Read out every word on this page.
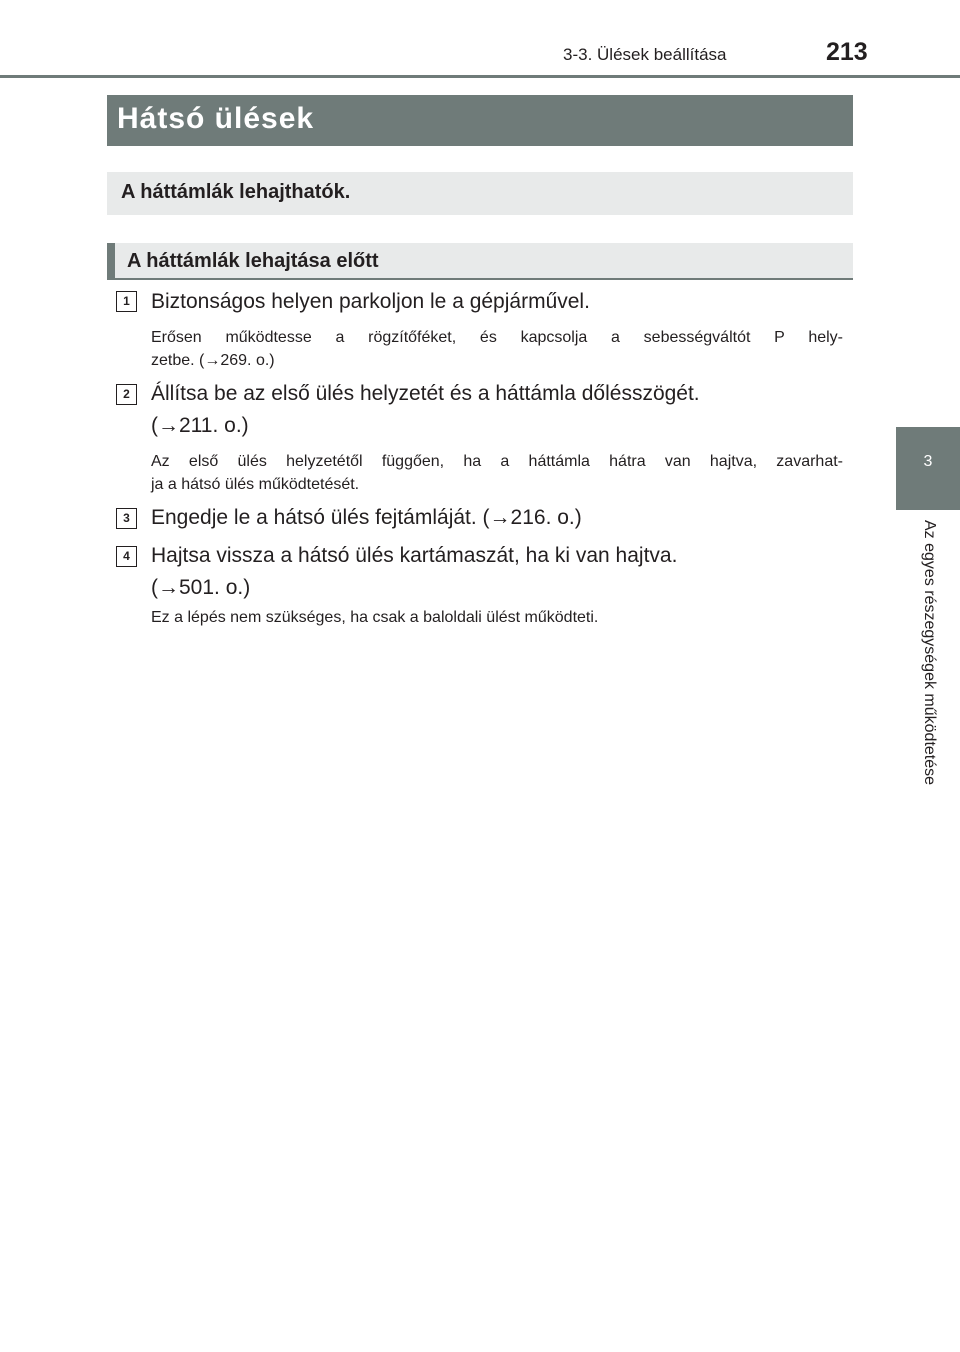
3-3. Ülések beállítása	213
3
Az egyes részegységek működtetése
Hátsó ülések
A háttámlák lehajthatók.
A háttámlák lehajtása előtt
1	Biztonságos helyen parkoljon le a gépjárművel.
Erősen működtesse a rögzítőféket, és kapcsolja a sebességváltót P hely-
zetbe. (→269. o.)
2	Állítsa be az első ülés helyzetét és a háttámla dőlésszögét.
(→211. o.)
Az első ülés helyzetétől függően, ha a háttámla hátra van hajtva, zavarhat-
ja a hátsó ülés működtetését.
3	Engedje le a hátsó ülés fejtámláját. (→216. o.)
4	Hajtsa vissza a hátsó ülés kartámaszát, ha ki van hajtva.
(→501. o.)
Ez a lépés nem szükséges, ha csak a baloldali ülést működteti.
